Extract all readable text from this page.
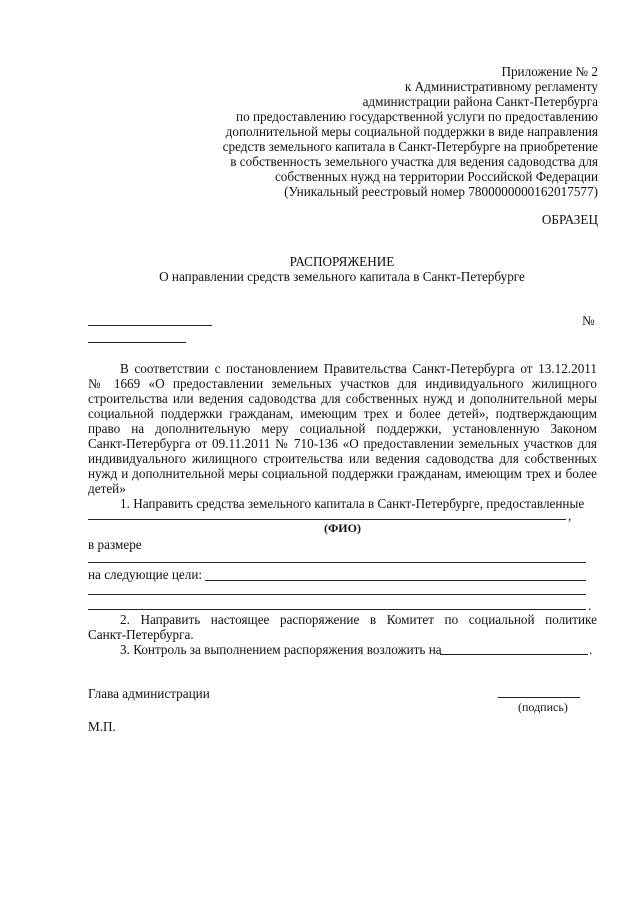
Приложение № 2
к Административному регламенту
администрации района Санкт-Петербурга
по предоставлению государственной услуги по предоставлению
дополнительной меры социальной поддержки в виде направления
средств земельного капитала в Санкт-Петербурге на приобретение
в собственность земельного участка для ведения садоводства для
собственных нужд на территории Российской Федерации
(Уникальный реестровый номер 7800000000162017577)
ОБРАЗЕЦ
РАСПОРЯЖЕНИЕ
О направлении средств земельного капитала в Санкт-Петербурге
№
В соответствии с постановлением Правительства Санкт-Петербурга от 13.12.2011
№ 1669 «О предоставлении земельных участков для индивидуального жилищного
строительства или ведения садоводства для собственных нужд и дополнительной меры
социальной поддержки гражданам, имеющим трех и более детей», подтверждающим
право на дополнительную меру социальной поддержки, установленную Законом
Санкт-Петербурга от 09.11.2011 № 710-136 «О предоставлении земельных участков для
индивидуального жилищного строительства или ведения садоводства для собственных
нужд и дополнительной меры социальной поддержки гражданам, имеющим трех и более
детей»
1. Направить средства земельного капитала в Санкт-Петербурге, предоставленные
,
(ФИО)
в размере
на следующие цели:
.
2. Направить настоящее распоряжение в Комитет по социальной политике
Санкт-Петербурга.
3. Контроль за выполнением распоряжения возложить на	.
Глава администрации
(подпись)
М.П.
